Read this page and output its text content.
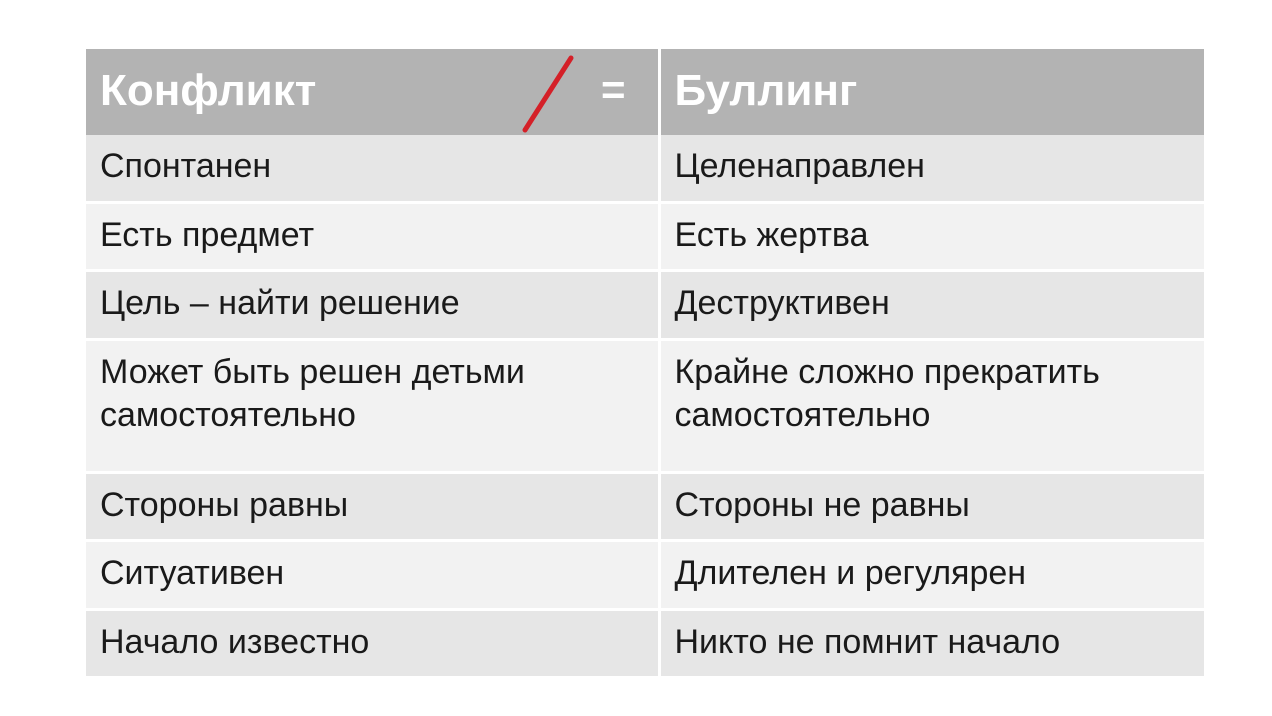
Конфликт =	Буллинг
Спонтанен	Целенаправлен
Есть предмет	Есть жертва
Цель – найти решение	Деструктивен
Может быть решен детьми самостоятельно	Крайне сложно прекратить самостоятельно
Стороны равны	Стороны не равны
Ситуативен	Длителен и регулярен
Начало известно	Никто не помнит начало
